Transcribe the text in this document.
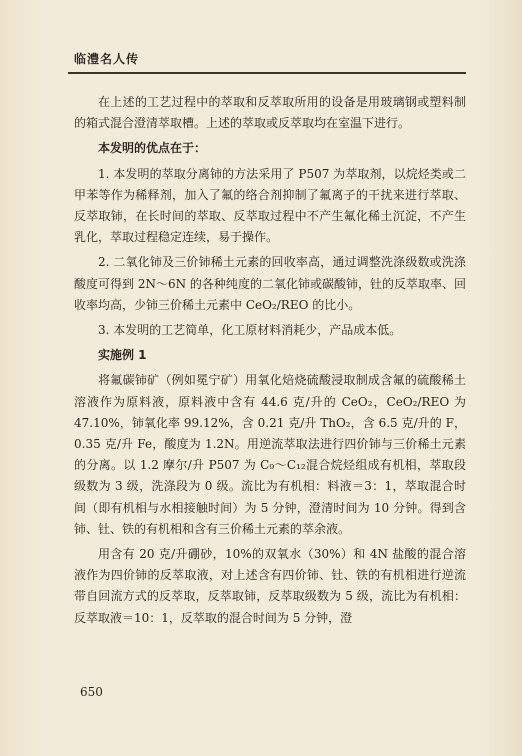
临澧名人传

在上述的工艺过程中的萃取和反萃取所用的设备是用玻璃钢或塑料制的箱式混合澄清萃取槽。上述的萃取或反萃取均在室温下进行。

本发明的优点在于：

1. 本发明的萃取分离铈的方法采用了 P507 为萃取剂，以烷烃类或二甲苯等作为稀释剂，加入了氟的络合剂抑制了氟离子的干扰来进行萃取、反萃取铈，在长时间的萃取、反萃取过程中不产生氟化稀土沉淀，不产生乳化，萃取过程稳定连续，易于操作。

2. 二氧化铈及三价铈稀土元素的回收率高，通过调整洗涤级数或洗涤酸度可得到 2N～6N 的各种纯度的二氧化铈或碳酸铈，钍的反萃取率、回收率均高，少铈三价稀土元素中 CeO₂/REO 的比小。

3. 本发明的工艺简单，化工原材料消耗少，产品成本低。

实施例 1

将氟碳铈矿（例如冕宁矿）用氧化焙烧硫酸浸取制成含氟的硫酸稀土溶液作为原料液，原料液中含有 44.6 克/升的 CeO₂，CeO₂/REO 为 47.10%，铈氧化率 99.12%，含 0.21 克/升 ThO₂，含 6.5 克/升的 F，0.35 克/升 Fe，酸度为 1.2N。用逆流萃取法进行四价铈与三价稀土元素的分离。以 1.2 摩尔/升 P507 为 C₉～C₁₂混合烷烃组成有机相，萃取段级数为 3 级，洗涤段为 0 级。流比为有机相：料液＝3：1，萃取混合时间（即有机相与水相接触时间）为 5 分钟，澄清时间为 10 分钟。得到含铈、钍、铁的有机相和含有三价稀土元素的萃余液。

用含有 20 克/升硼砂，10%的双氧水（30%）和 4N 盐酸的混合溶液作为四价铈的反萃取液，对上述含有四价铈、钍、铁的有机相进行逆流带自回流方式的反萃取，反萃取铈，反萃取级数为 5 级，流比为有机相：反萃取液＝10：1，反萃取的混合时间为 5 分钟，澄

650
